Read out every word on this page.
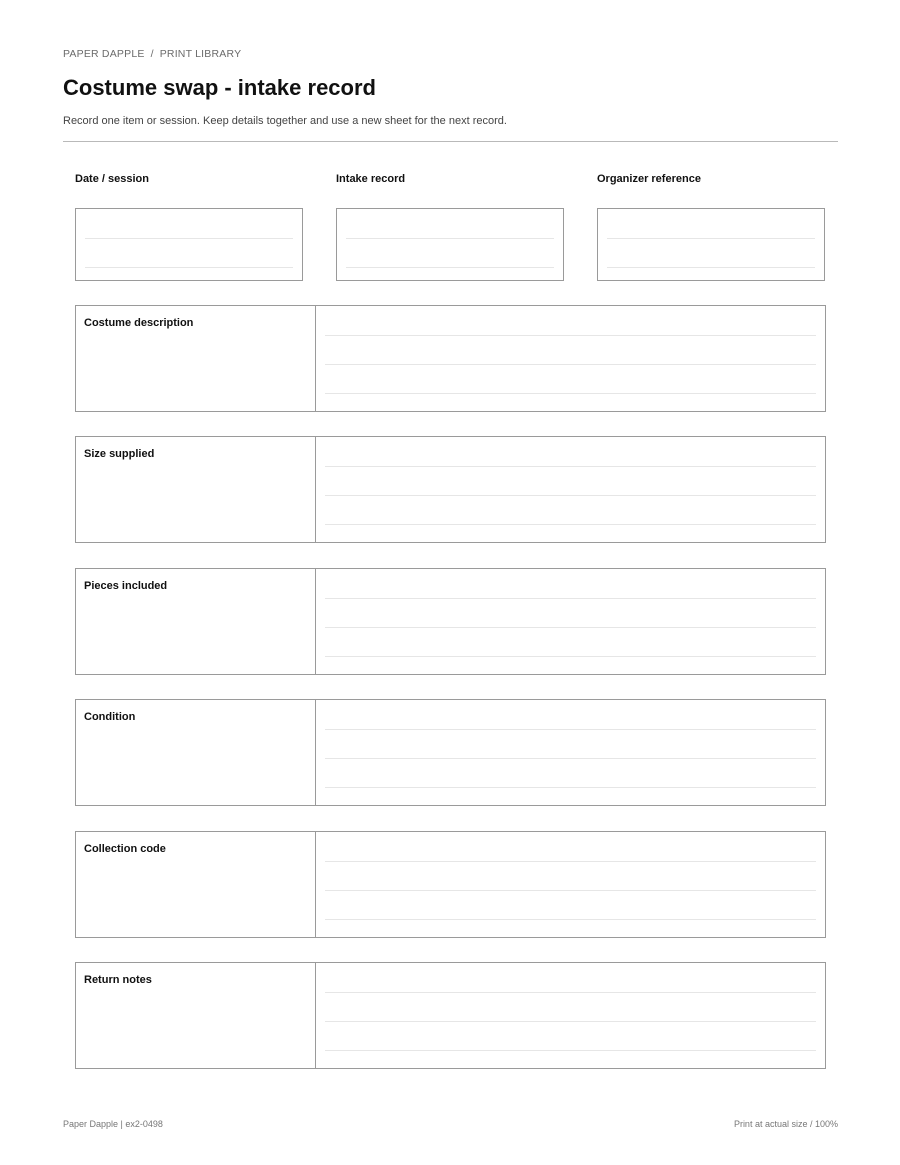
PAPER DAPPLE / PRINT LIBRARY
Costume swap - intake record

Record one item or session. Keep details together and use a new sheet for the next record.

Date / session	Intake record	Organizer reference
Costume description
Size supplied
Pieces included
Condition
Collection code
Return notes
Paper Dapple | ex2-0498	Print at actual size / 100%
